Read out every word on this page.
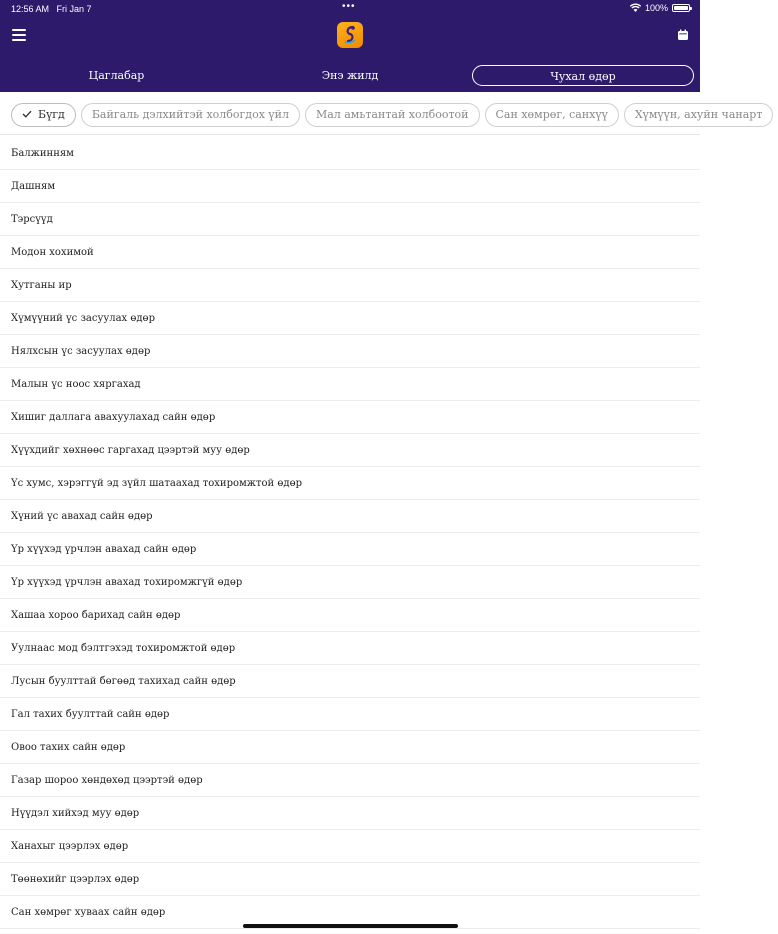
12:56 AM Fri Jan 7	•••	100%
Цаглабар	Энэ жилд	Чухал өдөр
Бүгд Байгаль дэлхийтэй холбогдох үйл Мал амьтантай холбоотой Сан хөмрөг, санхүү Хүмүүн, ахуйн чанарт
Балжинням
Дашням
Тэрсүүд
Модон хохимой
Хутганы ир
Хүмүүний үс засуулах өдөр
Нялхсын үс засуулах өдөр
Малын үс ноос хяргахад
Хишиг даллага авахуулахад сайн өдөр
Хүүхдийг хөхнөөс гаргахад цээртэй муу өдөр
Үс хумс, хэрэггүй эд зүйл шатаахад тохиромжтой өдөр
Хүний үс авахад сайн өдөр
Үр хүүхэд үрчлэн авахад сайн өдөр
Үр хүүхэд үрчлэн авахад тохиромжгүй өдөр
Хашаа хороо барихад сайн өдөр
Уулнаас мод бэлтгэхэд тохиромжтой өдөр
Лусын буулттай бөгөөд тахихад сайн өдөр
Гал тахих буулттай сайн өдөр
Овоо тахих сайн өдөр
Газар шороо хөндөхөд цээртэй өдөр
Нүүдэл хийхэд муу өдөр
Ханахыг цээрлэх өдөр
Төөнөхийг цээрлэх өдөр
Сан хөмрөг хуваах сайн өдөр
